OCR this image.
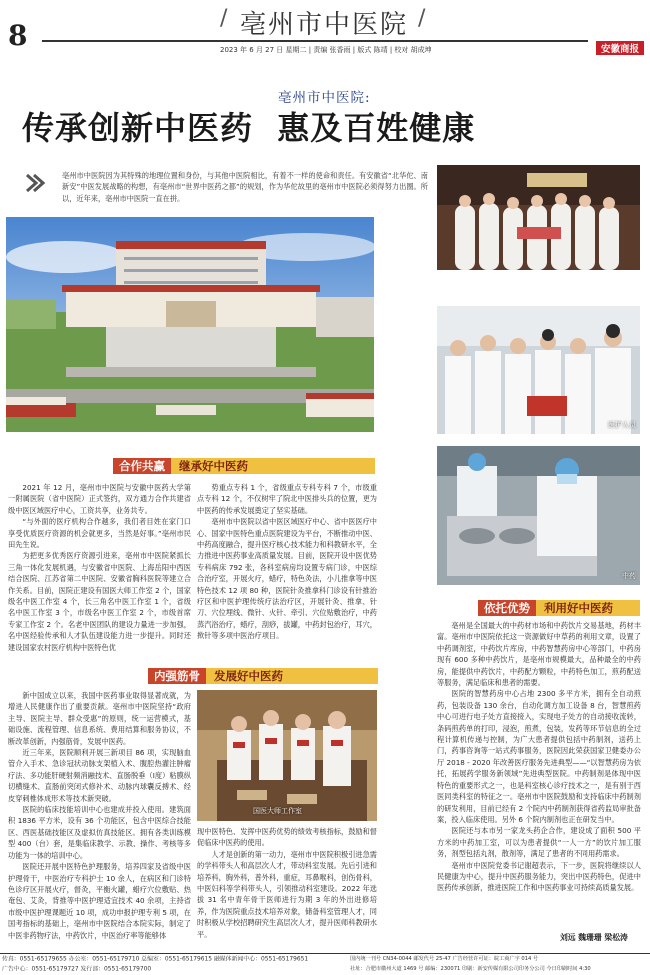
8
/ 亳州市中医院 /
2023 年 6 月 27 日 星期二 | 责编 张香雨 | 版式 陈靖 | 校对 胡成坤	安徽商报
亳州市中医院:
传承创新中医药  惠及百姓健康
亳州市中医院因为其特殊的地理位置和身份，与其他中医院相比，有着不一样的使命和责任。有安徽省“北华佗、南新安”中医发展战略的构想，有亳州市“世界中医药之都”的规划，作为华佗故里的亳州市中医院必须得努力出圈。所以，近年来，亳州市中医院一直在拼。
医护人员
中药
合作共赢	继承好中医药

2021 年 12 月，亳州市中医院与安徽中医药大学第一附属医院（省中医院）正式签约，双方通力合作共建省级中医区域医疗中心，工资共享，业务共专。

“与外面的医疗机构合作越多，我们者目姓在家门口享受优质医疗资源的机会就更多，当然是好事。”亳州市民田先生说。

为把更多优秀医疗资源引进来，亳州市中医院紧抓长三角一体化发展机遇，与安徽省中医院、上海岳阳中西医结合医院、江苏省第二中医院、安徽省胸科医院等建立合作关系。目前，医院正建设有国医大师工作室 2 个，国家级名中医工作室 4 个，长三角名中医工作室 1 个，省级名中医工作室 3 个，市级名中医工作室 2 个，市级首席专家工作室 2 个。名老中医团队的建设力量进一步加强，名中医经验传承和人才队伍建设能力进一步提升。同时还建设国家农村医疗机构中医特色优

势重点专科 1 个，省级重点专科专科 7 个，市级重点专科 12 个，不仅树牢了院北中医排头兵的位置，更为中医药的传承发展奠定了坚实基础。

亳州市中医院以省中医区域医疗中心、省中医医疗中心、国家中医特色重点医院建设为平台，不断推动中医、中药高度融合，提升医疗核心技术能力和科教研水平，全力推进中医药事业高质量发展。目前，医院开设中医优势专科病床 792 张，各科室病房均设置专病门诊，中医综合治疗室，开展火疗，蜡疗，特色灸法，小儿推拿等中医特色技术 12 项 80 种，医院针灸推拿科门诊设有针推治疗区和中医护理传统疗法治疗区，开展针灸、推拿、针刀、穴位埋线、微针、火针、牵引、穴位贴敷治疗，中药蒸汽浴治疗，蜡疗，刮痧，拔罐，中药封包治疗，耳穴，揿针等多项中医治疗项目。

内强筋骨	发展好中医药

新中国成立以来，我国中医药事业取得显著成就，为增进人民健康作出了重要贡献。亳州市中医院坚持“政府主导、医院主导、群众受惠”的原则，统一运营模式，基础设施、流程管理、信息系统、费用结算和服务协议，不断改革创新，内强筋骨，发展中医药。

近三年来，医院顺利开展三新项目 86 项，实现脑血管介入手术、急诊冠状动脉支架植入术、腹腔热灌注肿瘤疗法、多功能肝硬射频消融技术、直肠脱垂（Ⅰ度）粘膜纵切横缝术、直肠前突闭式修补术、动脉内球囊反搏术、经皮穿刺椎体成形术等技术新突破。

医院的临床技能培训中心也建成并投入使用。建筑面积 1836 平方米，设有 36 个功能区，包含中医综合技能区、西医基础技能区及虚拟仿真技能区。拥有各类训练模型 400（台）套，是集临床教学、示教、操作、考核等多功能为一体的培训中心。

医院还开展中医特色护理服务，培养四家及省级中医护理骨干，中医治疗专科护士 10 余人，在病区和门诊特色诊疗区开展火疗，督灸，平衡火罐，蜡疗穴位敷贴、热奄包、艾灸，背推等中医护理适宜技术 40 余项，主持省市级中医护理课题近 10 项，成功申报护理专利 5 项，在国考指标的基础上，亳州市中医院结合本院实际，制定了中医非药物疗法，中药饮片，中医治疗率等能够体

国医大师工作室

现中医特色、发挥中医药优势的绩效考核指标，鼓励和督促临床中医药的使用。

人才是创新的第一动力，亳州市中医院积极引进急需的学科带头人和高层次人才，带动科室发展。先后引进和培养科，胸外科，普外科，重症，耳鼻喉科，创伤骨科，中医妇科等学科带头人，引领推动科室建设。2022 年选拔 31 名中青年骨干医师进行为期 3 年的外出进修培养，作为医院重点技术培养对象，储备科室管理人才，同时积极从学校招聘研究生高层次人才，提升医师科教研水平。

依托优势	利用好中医药

亳州是全国最大的中药材市场和中药饮片交易基地，药材丰富。亳州市中医院依托这一资源做好中草药的利用文章，设置了中药调剂室，中药饮片库房，中药智慧药房中心等部门，中药房现有 600 多种中药饮片，是亳州市规模最大，品种最全的中药房，能提供中药饮片，中药配方颗粒，中药特色加工，煎药配送等服务，满足临床和患者的需要。

医院的智慧药房中心占地 2300 多平方米，拥有全自动煎药，包装设备 130 余台，自动化调方加工设备 8 台，智慧煎药中心可进行电子处方直接接入，实现电子处方的自动接收流转，条码煎药单的打印，浸泡，煎煮，包装，发药等环节信息的全过程计算机传递与控制，为广大患者提供包括中药制剂，送药上门，药事咨询等一站式药事服务，医院因此荣获国家卫健委办公厅 2018 - 2020 年改善医疗服务先进典型——“以智慧药房为依托，拓展药学服务新领域”先进典型医院。中药制剂是体现中医特色的重要形式之一，也是科室核心诊疗技术之一，是有别于西医同类科室的特征之一。亳州市中医院鼓励和支持临床中药制剂的研发利用，目前已经有 2 个院内中药制剂获得省药监局审批备案，投入临床使用。另外 6 个院内制剂也正在研发当中。

医院还与本市另一家龙头药企合作，建设成了面积 500 平方米的中药加工室，可以为患者提供“一人一方”的饮片加工服务，剂型包括丸剂，散剂等，满足了患者的不同用药需求。

亳州市中医院党委书记谢超表示，下一步，医院将继续以人民健康为中心，提升中医药服务能力，突出中医药特色，促进中医药传承创新，推进医院工作和中医药事业可持续高质量发展。

刘远 魏珊珊 梁松涛
传真：0551-65179655 办公室：0551-65179710 总编室：0551-65179615 融媒体新闻中心：0551-65179651	国内统一刊号 CN34-0044 邮发代号 25-47 广告经营许可证：皖工商广字 014 号
广告中心：0551-65179727 发行部：0551-65179700	社址：合肥市徽州大道 1469 号 邮编：230071 印刷：新安传媒有限公司印务分公司 今日印刷时间 4:30
